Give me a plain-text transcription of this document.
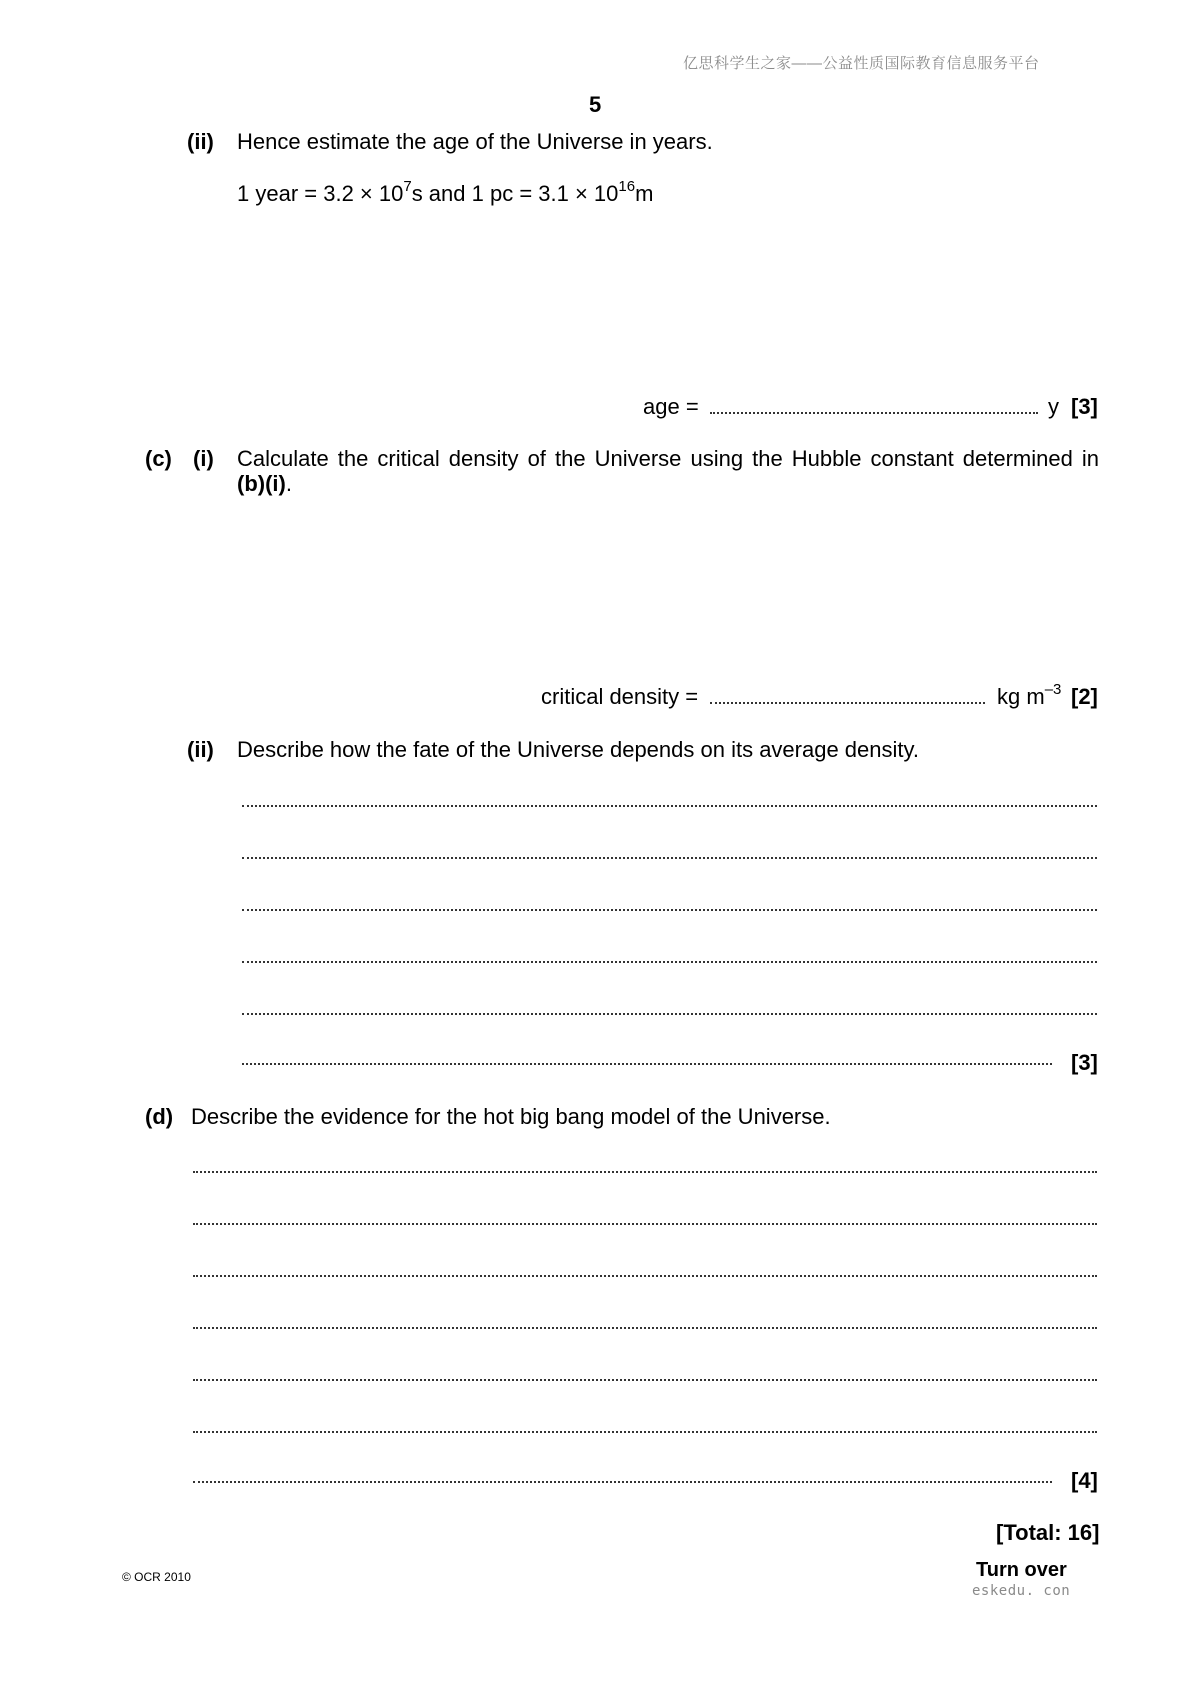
亿思科学生之家——公益性质国际教育信息服务平台
5
(ii) Hence estimate the age of the Universe in years.
1 year = $3.2 \times 10^7s$ and 1 pc = $3.1 \times 10^{16}m$
age =	y [3]
(c) (i) Calculate the critical density of the Universe using the Hubble constant determined in
(b)(i).
critical density =	kg $m^{-3}$ [2]
(ii) Describe how the fate of the Universe depends on its average density.
[3]
(d) Describe the evidence for the hot big bang model of the Universe.
[4]
[Total: 16]
© OCR 2010	Turn over
eskedu. con
